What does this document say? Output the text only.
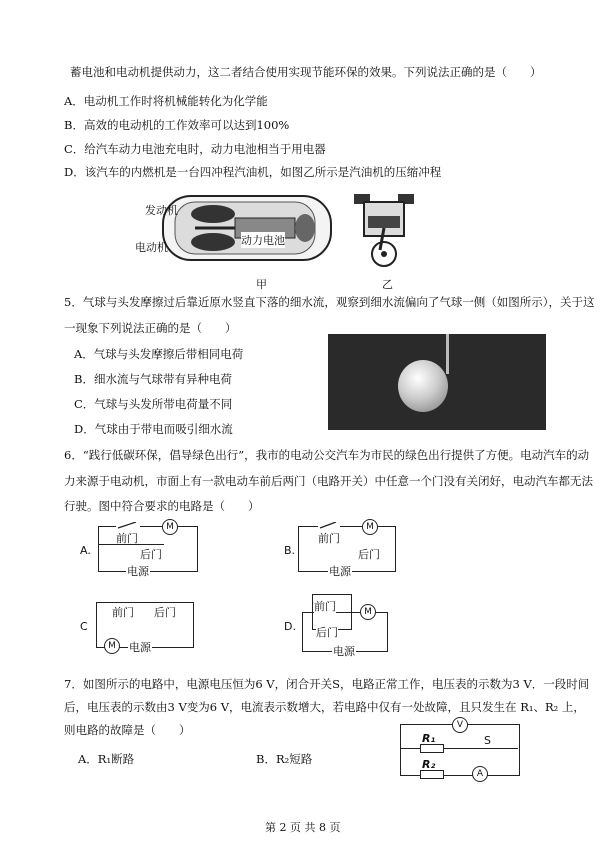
蓄电池和电动机提供动力，这二者结合使用实现节能环保的效果。下列说法正确的是（　　）
A．电动机工作时将机械能转化为化学能
B．高效的电动机的工作效率可以达到100%
C．给汽车动力电池充电时，动力电池相当于用电器
D．该汽车的内燃机是一台四冲程汽油机，如图乙所示是汽油机的压缩冲程
发动机
电动机
动力电池
甲	乙
5．气球与头发摩擦过后靠近原水竖直下落的细水流，观察到细水流偏向了气球一侧（如图所示），关于这
一现象下列说法正确的是（　　）
A．气球与头发摩擦后带相同电荷
B．细水流与气球带有异种电荷
C．气球与头发所带电荷量不同
D．气球由于带电而吸引细水流
6．“践行低碳环保，倡导绿色出行”，我市的电动公交汽车为市民的绿色出行提供了方便。电动汽车的动
力来源于电动机，市面上有一款电动车前后两门（电路开关）中任意一个门没有关闭好，电动汽车都无法
行驶。图中符合要求的电路是（　　）
A.
M
前门
后门
电源
B.
M
前门
后门
电源
C
前门 后门
M	电源
D.
前门
后门
M
电源
7．如图所示的电路中，电源电压恒为6 V，闭合开关S，电路正常工作，电压表的示数为3 V．一段时间
后，电压表的示数由3 V变为6 V，电流表示数增大，若电路中仅有一处故障，且只发生在 R₁、R₂ 上，
则电路的故障是（　　）
A．R₁断路	B．R₂短路
V
R₁	S
R₂
A
第 2 页 共 8 页
